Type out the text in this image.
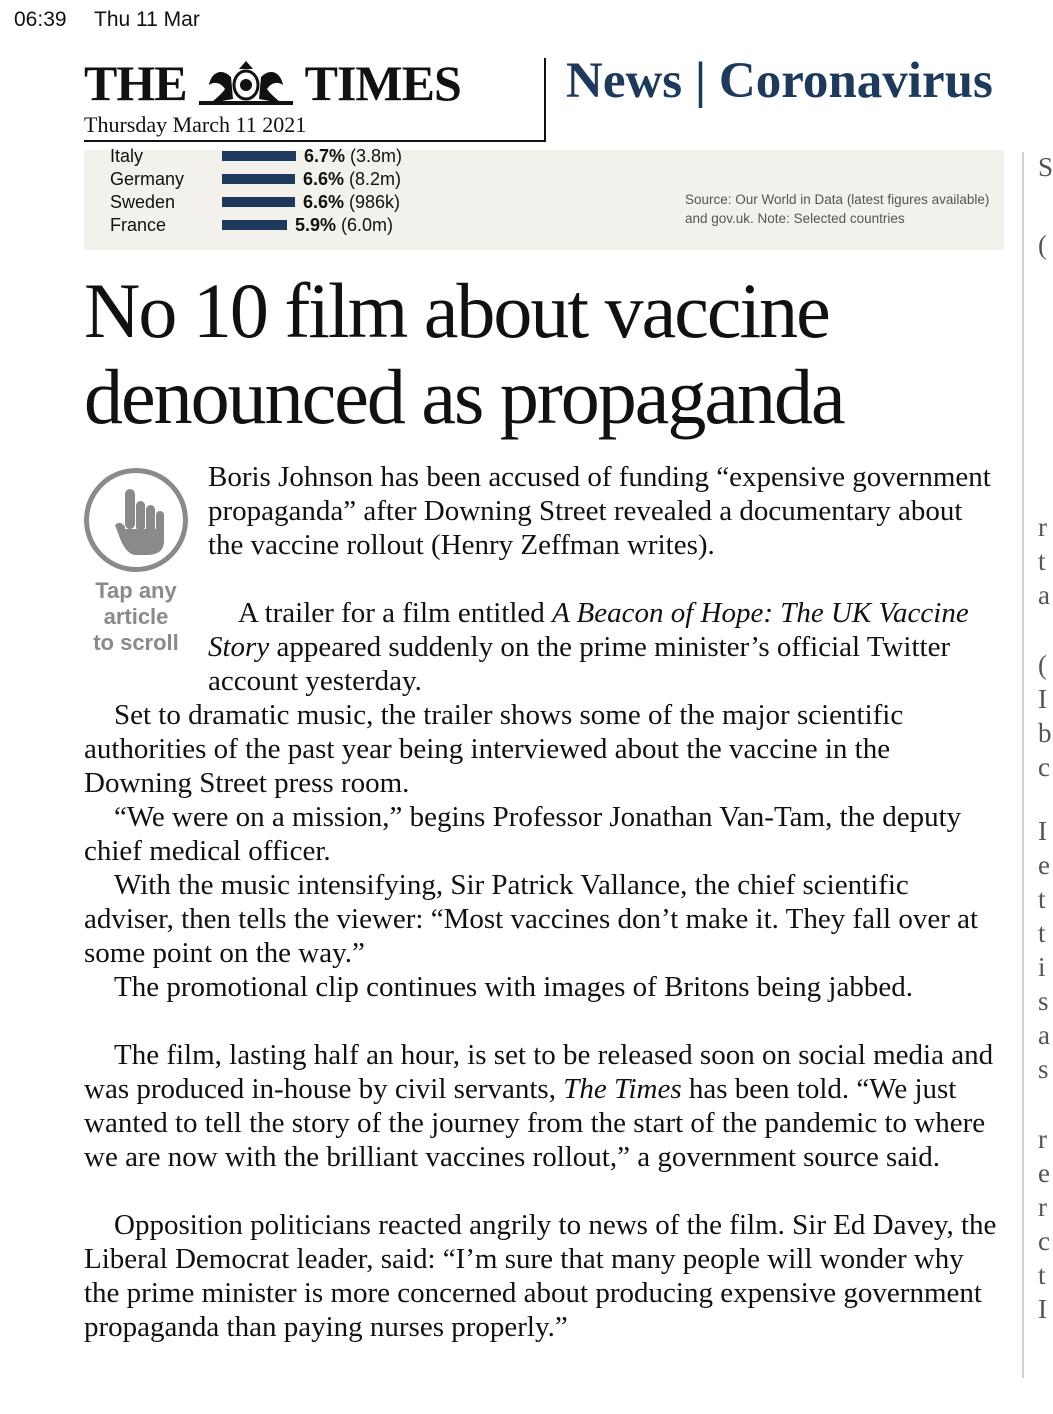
06:39 Thu 11 Mar
THE TIMES
Thursday March 11 2021
News | Coronavirus
Italy	6.7% (3.8m)
Germany	6.6% (8.2m)
Sweden	6.6% (986k)
France	5.9% (6.0m)
Source: Our World in Data (latest figures available) and gov.uk. Note: Selected countries
S
(
r
t
a
(
I
b
c
I
e
t
t
i
s
a
s
r
e
r
c
t
I
No 10 film about vaccine
denounced as propaganda
Tap any
article
to scroll

Boris Johnson has been accused of funding “expensive government propaganda” after Downing Street revealed a documentary about the vaccine rollout (Henry Zeffman writes).

A trailer for a film entitled A Beacon of Hope: The UK Vaccine Story appeared suddenly on the prime minister’s official Twitter account yesterday.

Set to dramatic music, the trailer shows some of the major scientific authorities of the past year being interviewed about the vaccine in the Downing Street press room.

“We were on a mission,” begins Professor Jonathan Van-Tam, the deputy chief medical officer.

With the music intensifying, Sir Patrick Vallance, the chief scientific adviser, then tells the viewer: “Most vaccines don’t make it. They fall over at some point on the way.”

The promotional clip continues with images of Britons being jabbed.

The film, lasting half an hour, is set to be released soon on social media and was produced in-house by civil servants, The Times has been told. “We just wanted to tell the story of the journey from the start of the pandemic to where we are now with the brilliant vaccines rollout,” a government source said.

Opposition politicians reacted angrily to news of the film. Sir Ed Davey, the Liberal Democrat leader, said: “I’m sure that many people will wonder why the prime minister is more concerned about producing expensive government propaganda than paying nurses properly.”
